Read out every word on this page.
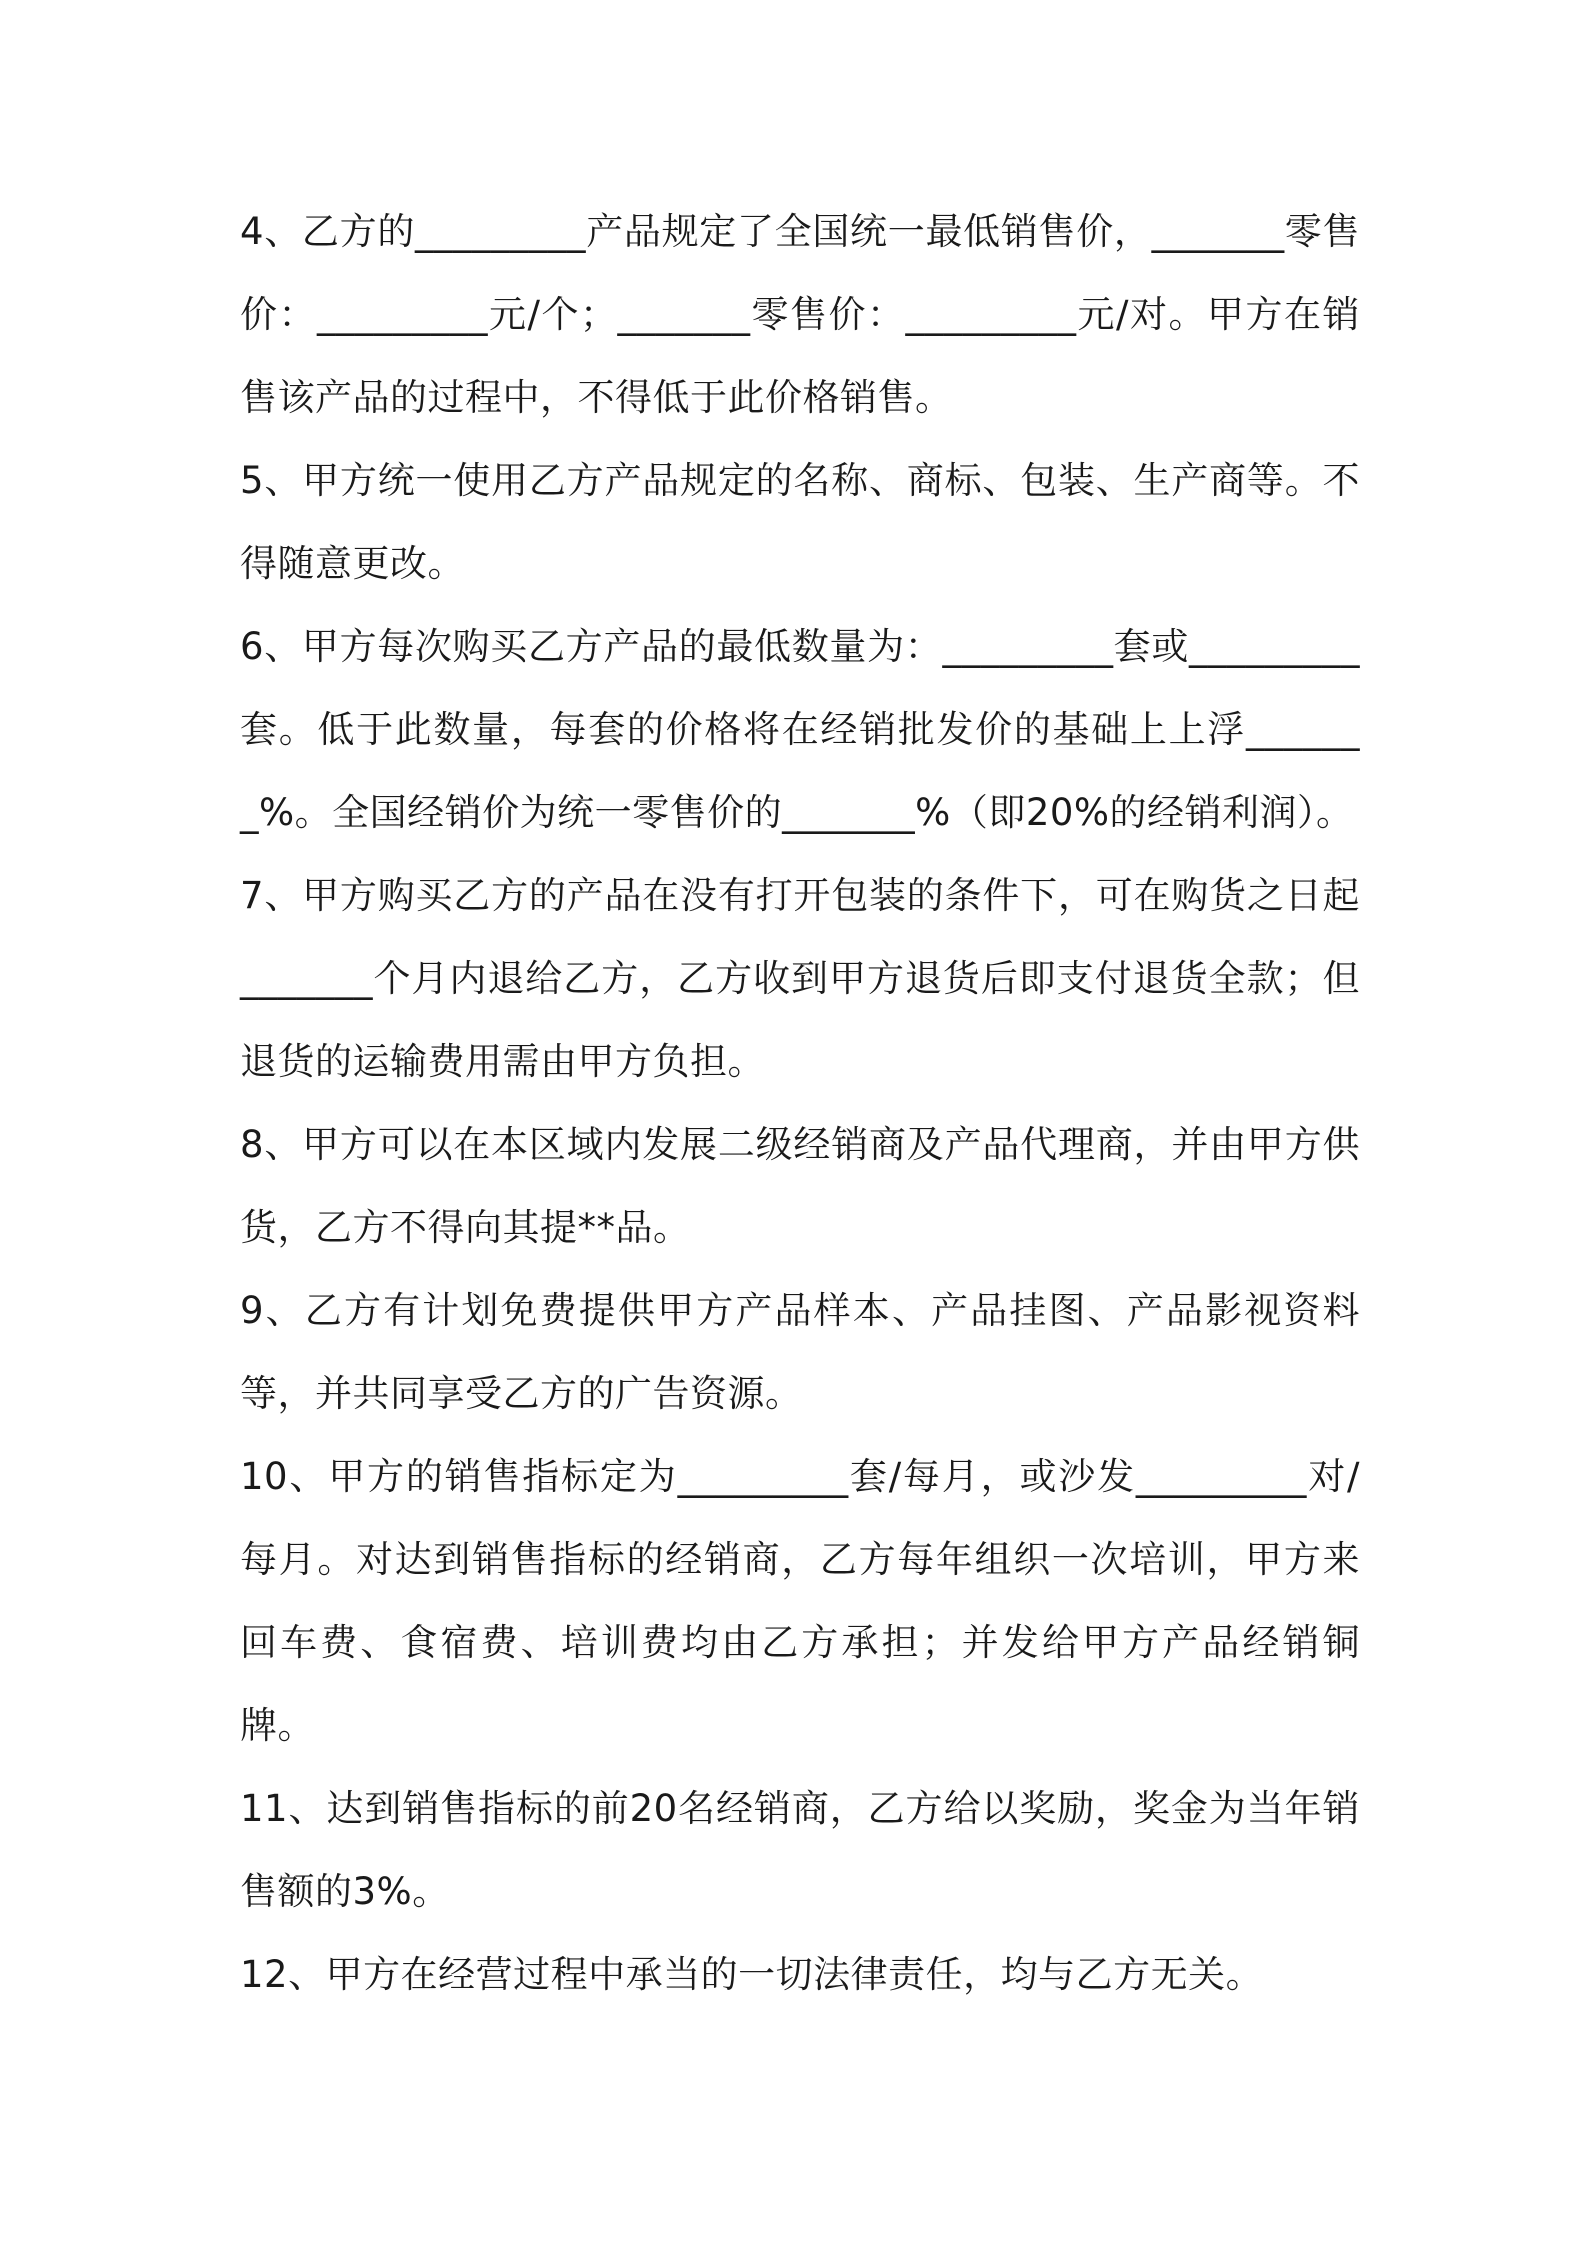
4、乙方的_________产品规定了全国统一最低销售价，_______零售价：_________元/个；_______零售价：_________元/对。甲方在销售该产品的过程中，不得低于此价格销售。

5、甲方统一使用乙方产品规定的名称、商标、包装、生产商等。不得随意更改。

6、甲方每次购买乙方产品的最低数量为：_________套或_________套。低于此数量，每套的价格将在经销批发价的基础上上浮_______%。全国经销价为统一零售价的_______%（即20%的经销利润）。

7、甲方购买乙方的产品在没有打开包装的条件下，可在购货之日起_______个月内退给乙方，乙方收到甲方退货后即支付退货全款；但退货的运输费用需由甲方负担。

8、甲方可以在本区域内发展二级经销商及产品代理商，并由甲方供货，乙方不得向其提**品。

9、乙方有计划免费提供甲方产品样本、产品挂图、产品影视资料等，并共同享受乙方的广告资源。

10、甲方的销售指标定为_________套/每月，或沙发_________对/每月。对达到销售指标的经销商，乙方每年组织一次培训，甲方来回车费、食宿费、培训费均由乙方承担；并发给甲方产品经销铜牌。

11、达到销售指标的前20名经销商，乙方给以奖励，奖金为当年销售额的3%。

12、甲方在经营过程中承当的一切法律责任，均与乙方无关。
